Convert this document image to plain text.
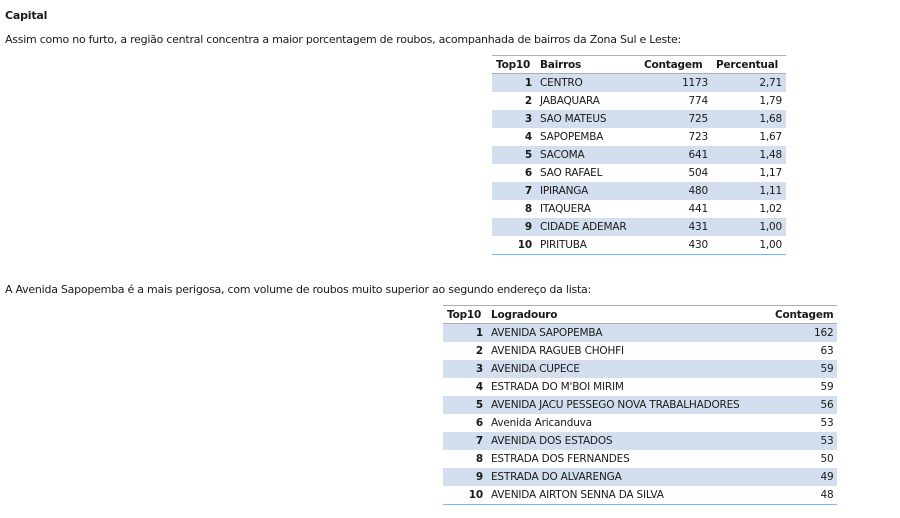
Capital
Assim como no furto, a região central concentra a maior porcentagem de roubos, acompanhada de bairros da Zona Sul e Leste:
Top10	Bairros	Contagem	Percentual
1	CENTRO	1173	2,71
2	JABAQUARA	774	1,79
3	SAO MATEUS	725	1,68
4	SAPOPEMBA	723	1,67
5	SACOMA	641	1,48
6	SAO RAFAEL	504	1,17
7	IPIRANGA	480	1,11
8	ITAQUERA	441	1,02
9	CIDADE ADEMAR	431	1,00
10	PIRITUBA	430	1,00
A Avenida Sapopemba é a mais perigosa, com volume de roubos muito superior ao segundo endereço da lista:
Top10	Logradouro	Contagem
1	AVENIDA SAPOPEMBA	162
2	AVENIDA RAGUEB CHOHFI	63
3	AVENIDA CUPECE	59
4	ESTRADA DO M'BOI MIRIM	59
5	AVENIDA JACU PESSEGO NOVA TRABALHADORES	56
6	Avenida Aricanduva	53
7	AVENIDA DOS ESTADOS	53
8	ESTRADA DOS FERNANDES	50
9	ESTRADA DO ALVARENGA	49
10	AVENIDA AIRTON SENNA DA SILVA	48
